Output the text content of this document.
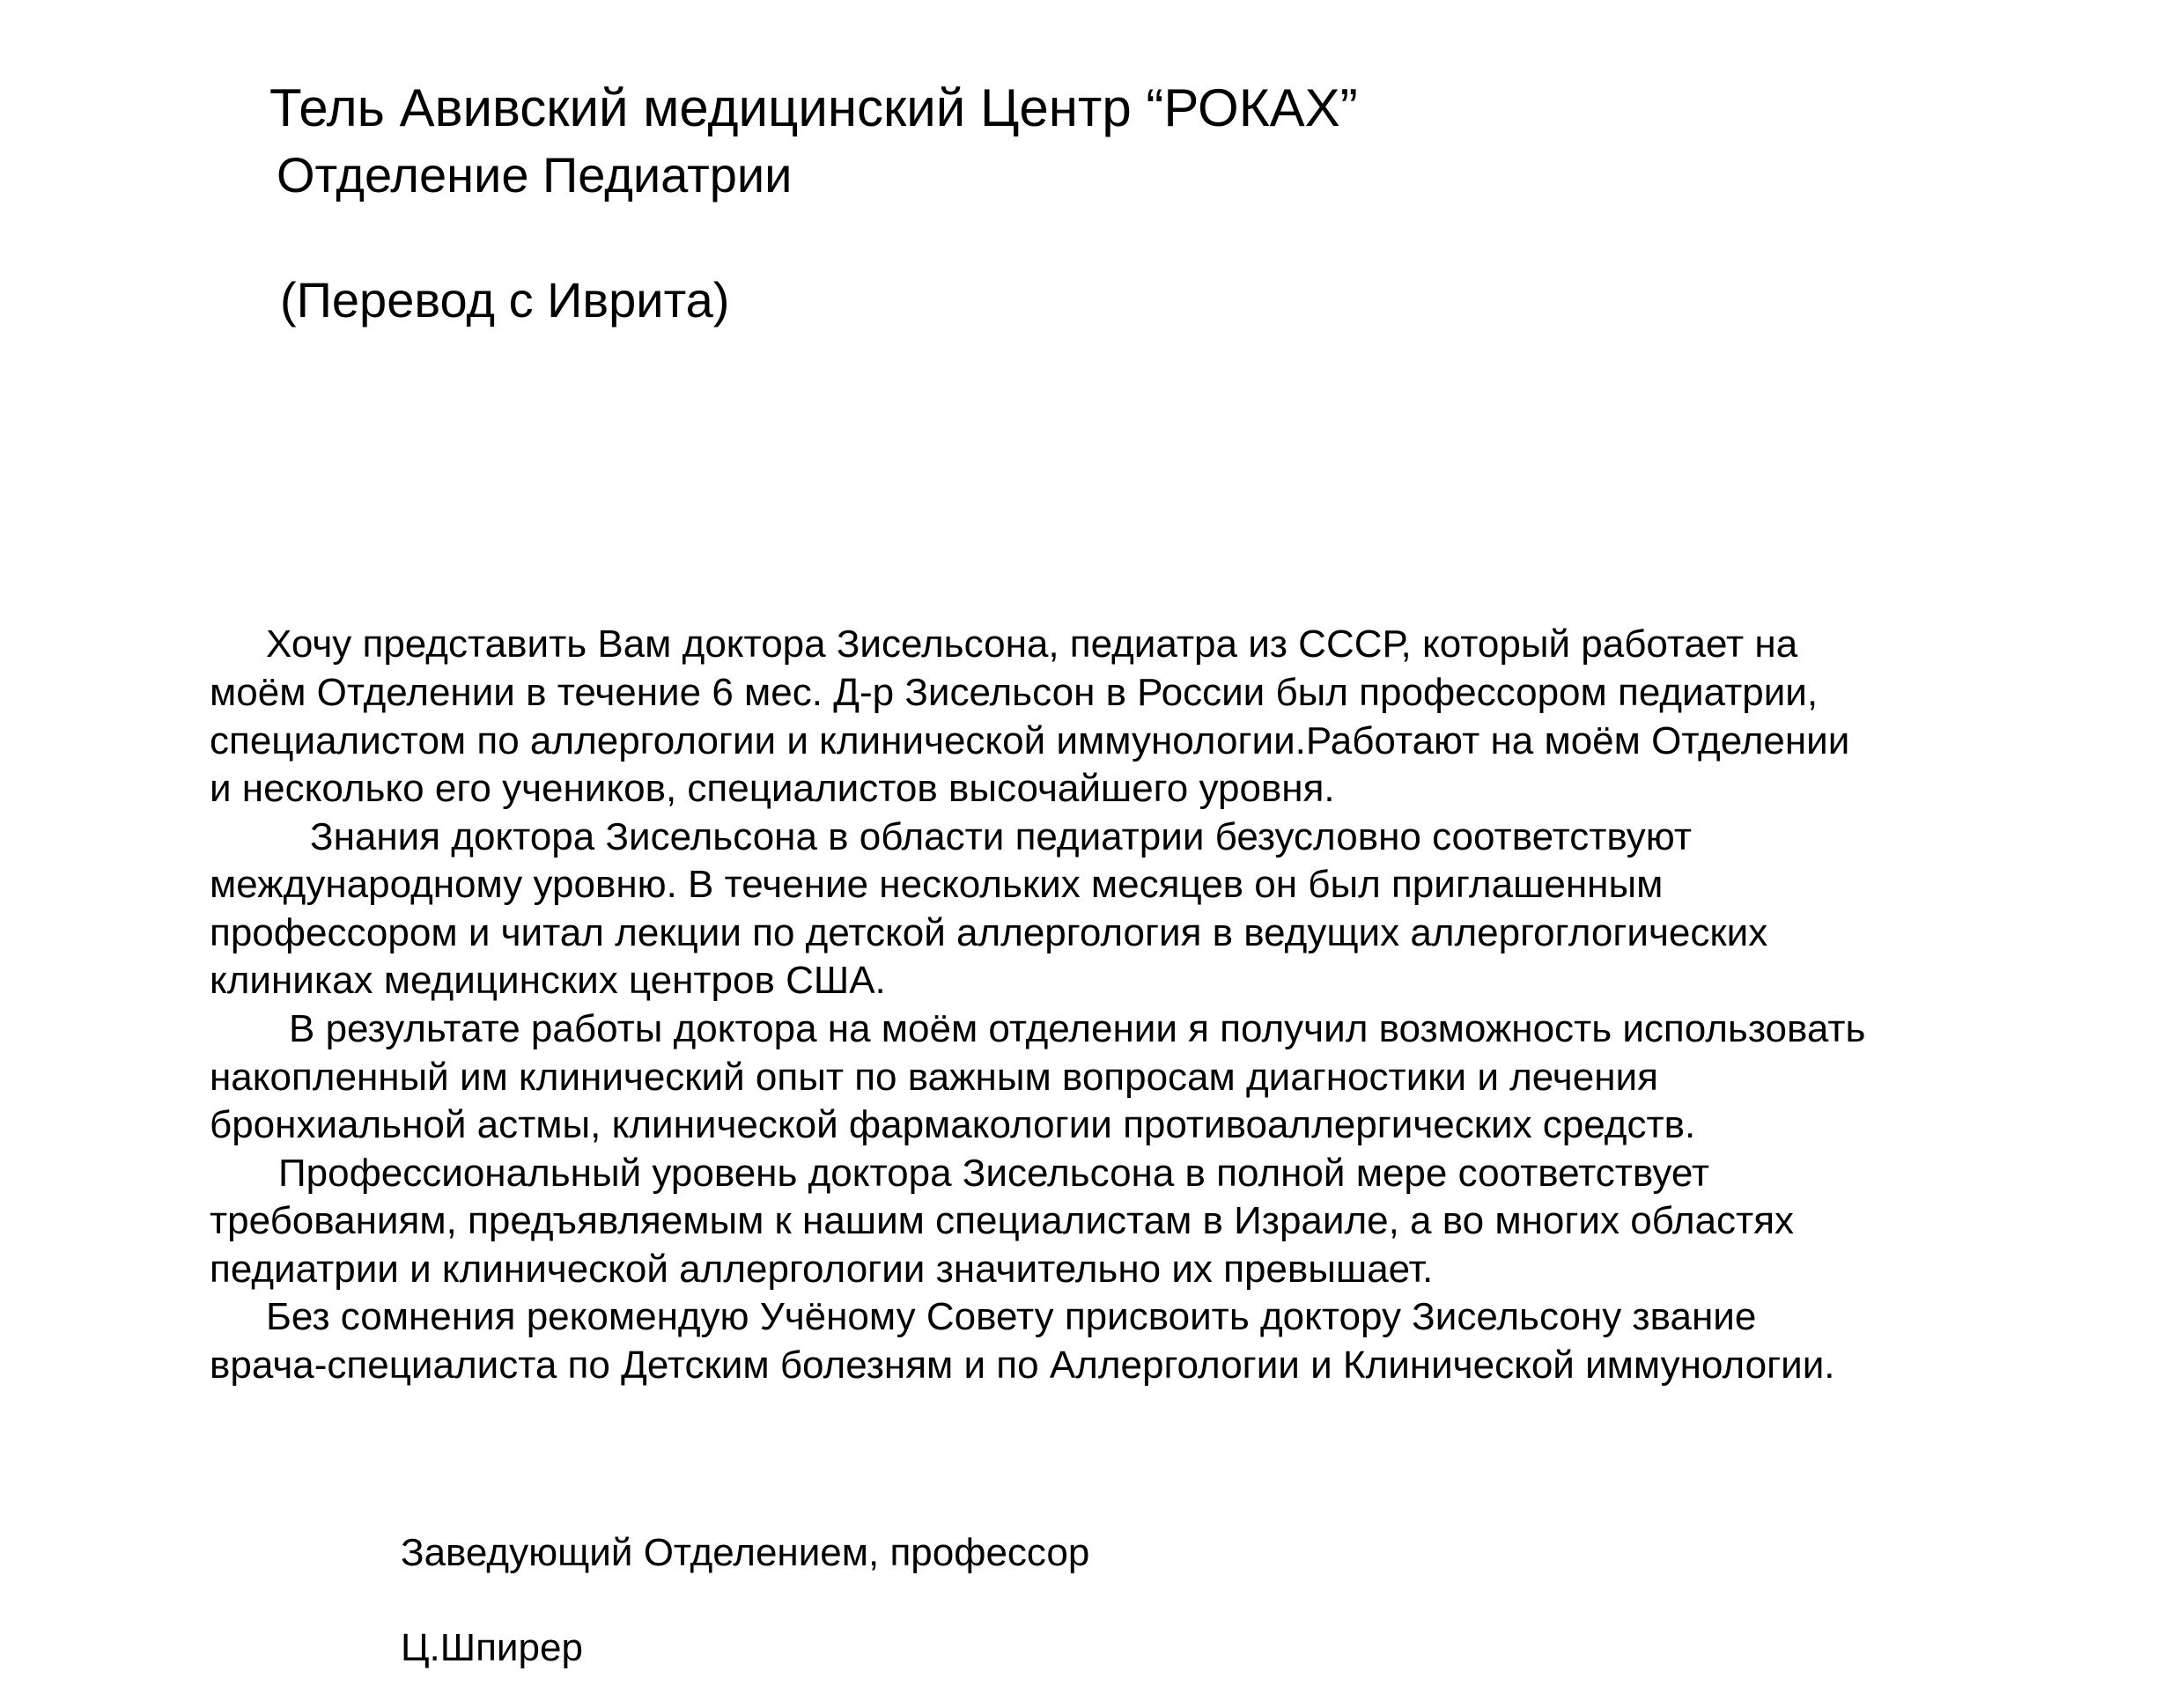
Тель Авивский медицинский Центр “РОКАХ”
Отделение Педиатрии
(Перевод с Иврита)
Хочу представить Вам доктора Зисельсона, педиатра из СССР, который работает на
моём Отделении в течение 6 мес. Д-р Зисельсон в России был профессором педиатрии,
специалистом по аллергологии и клинической иммунологии.Работают на моём Отделении
и несколько его учеников, специалистов высочайшего уровня.
Знания доктора Зисельсона в области педиатрии безусловно соответствуют
международному уровню. В течение нескольких месяцев он был приглашенным
профессором и читал лекции по детской аллергология в ведущих аллергоглогических
клиниках медицинских центров США.
В результате работы доктора на моём отделении я получил возможность использовать
накопленный им клинический опыт по важным вопросам диагностики и лечения
бронхиальной астмы, клинической фармакологии противоаллергических средств.
Профессиональный уровень доктора Зисельсона в полной мере соответствует
требованиям, предъявляемым к нашим специалистам в Израиле, а во многих областях
педиатрии и клинической аллергологии значительно их превышает.
Без сомнения рекомендую Учёному Совету присвоить доктору Зисельсону звание
врача-специалиста по Детским болезням и по Аллергологии и Клинической иммунологии.
Заведующий Отделением, профессор
Ц.Шпирер
